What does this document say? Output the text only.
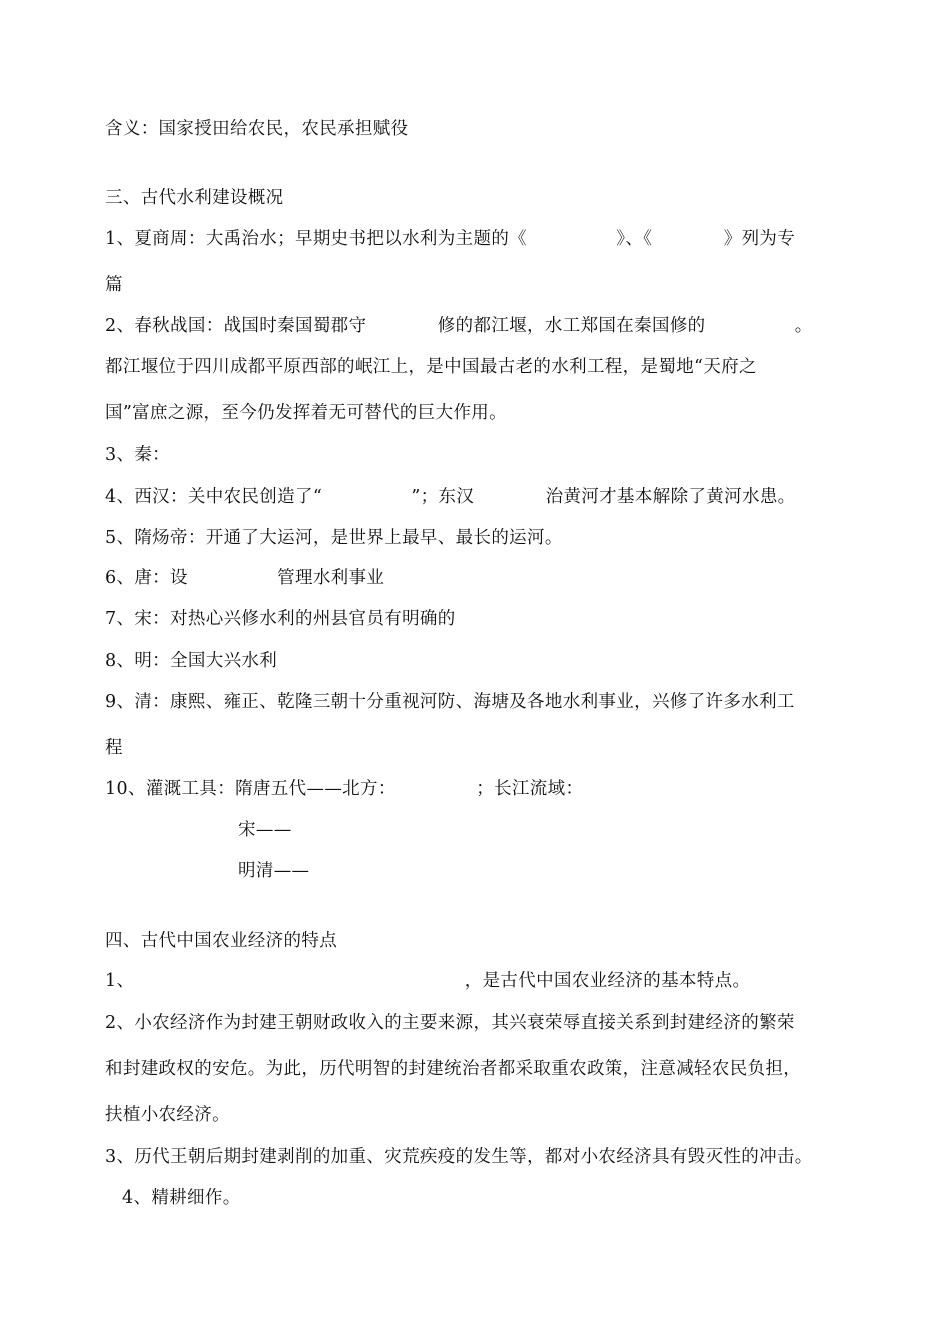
含义：国家授田给农民，农民承担赋役
三、古代水利建设概况
1、夏商周：大禹治水；早期史书把以水利为主题的《　　　　　》、《　　　　》列为专
篇
2、春秋战国：战国时秦国蜀郡守　　　　修的都江堰，水工郑国在秦国修的　　　　　。
都江堰位于四川成都平原西部的岷江上，是中国最古老的水利工程，是蜀地“天府之
国”富庶之源，至今仍发挥着无可替代的巨大作用。
3、秦：
4、西汉：关中农民创造了“　　　　　”；东汉　　　　治黄河才基本解除了黄河水患。
5、隋炀帝：开通了大运河，是世界上最早、最长的运河。
6、唐：设　　　　　管理水利事业
7、宋：对热心兴修水利的州县官员有明确的
8、明：全国大兴水利
9、清：康熙、雍正、乾隆三朝十分重视河防、海塘及各地水利事业，兴修了许多水利工
程
10、灌溉工具：隋唐五代——北方：　　　　　；长江流域：
宋——
明清——
四、古代中国农业经济的特点
1、　　　　　　　　　　　　　　　　　　　，是古代中国农业经济的基本特点。
2、小农经济作为封建王朝财政收入的主要来源，其兴衰荣辱直接关系到封建经济的繁荣
和封建政权的安危。为此，历代明智的封建统治者都采取重农政策，注意减轻农民负担，
扶植小农经济。
3、历代王朝后期封建剥削的加重、灾荒疾疫的发生等，都对小农经济具有毁灭性的冲击。
4、精耕细作。
